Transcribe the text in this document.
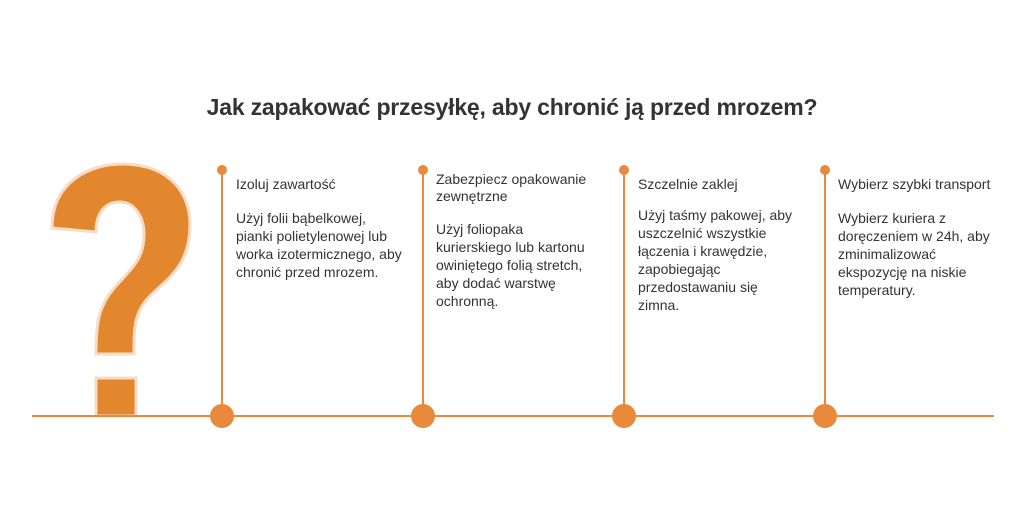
Jak zapakować przesyłkę, aby chronić ją przed mrozem?
Izoluj zawartość
Użyj folii bąbelkowej, pianki polietylenowej lub worka izotermicznego, aby chronić przed mrozem.
Zabezpiecz opakowanie zewnętrzne
Użyj foliopaka kurierskiego lub kartonu owiniętego folią stretch, aby dodać warstwę ochronną.
Szczelnie zaklej
Użyj taśmy pakowej, aby uszczelnić wszystkie łączenia i krawędzie, zapobiegając przedostawaniu się zimna.
Wybierz szybki transport
Wybierz kuriera z doręczeniem w 24h, aby zminimalizować ekspozycję na niskie temperatury.
